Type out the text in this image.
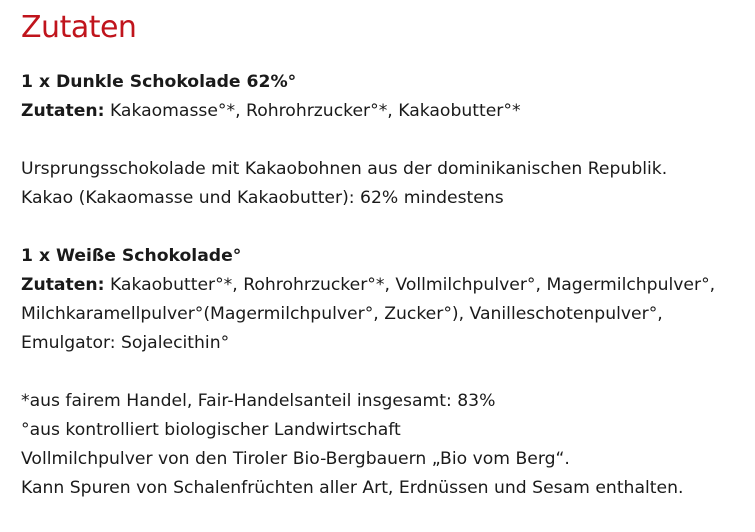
Zutaten

1 x Dunkle Schokolade 62%°

Zutaten: Kakaomasse°*, Rohrohrzucker°*, Kakaobutter°*

Ursprungsschokolade mit Kakaobohnen aus der dominikanischen Republik.

Kakao (Kakaomasse und Kakaobutter): 62% mindestens

1 x Weiße Schokolade°

Zutaten: Kakaobutter°*, Rohrohrzucker°*, Vollmilchpulver°, Magermilchpulver°,

Milchkaramellpulver°(Magermilchpulver°, Zucker°), Vanilleschotenpulver°,

Emulgator: Sojalecithin°

*aus fairem Handel, Fair-Handelsanteil insgesamt: 83%

°aus kontrolliert biologischer Landwirtschaft

Vollmilchpulver von den Tiroler Bio-Bergbauern „Bio vom Berg“.

Kann Spuren von Schalenfrüchten aller Art, Erdnüssen und Sesam enthalten.
